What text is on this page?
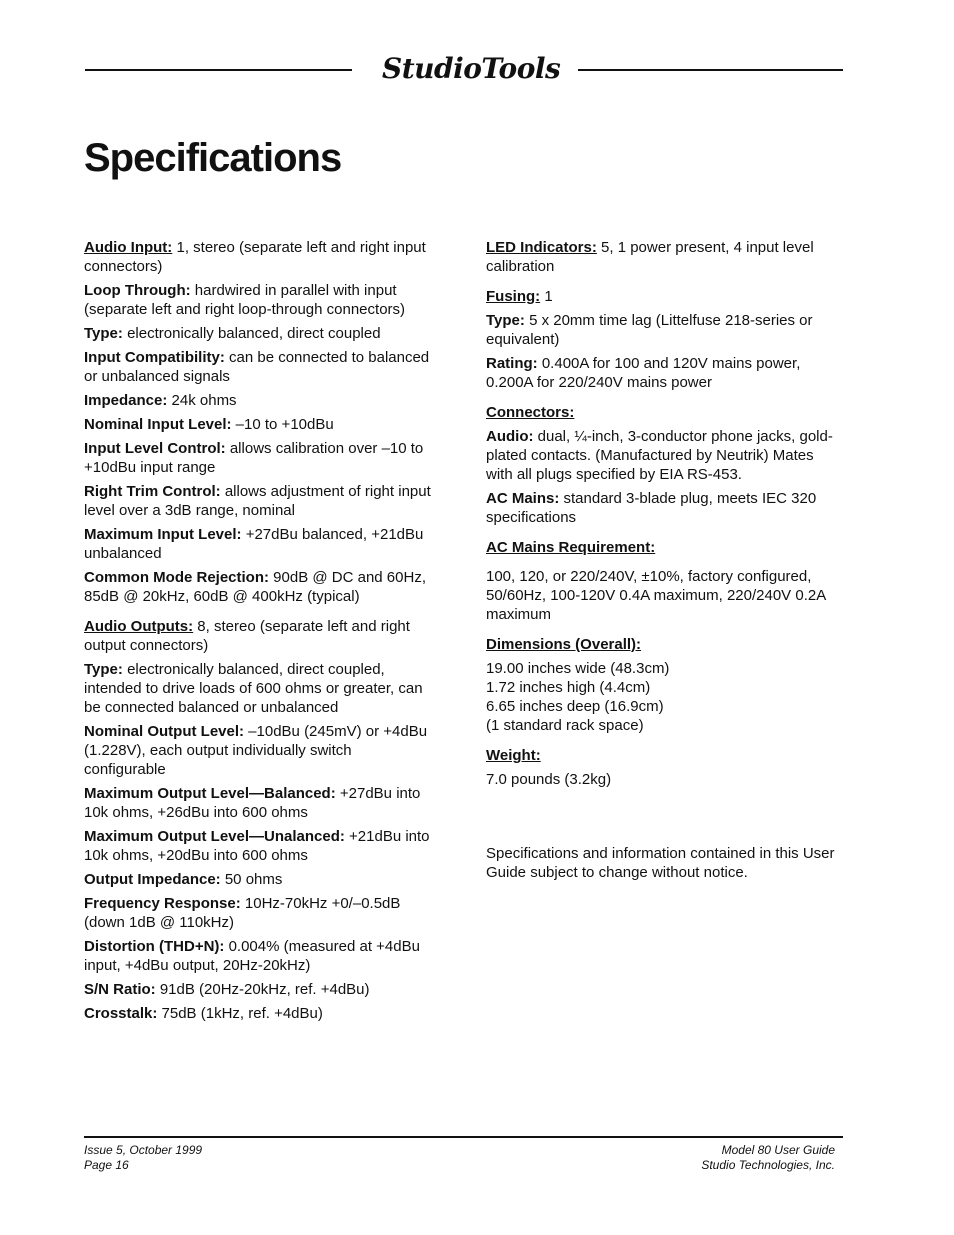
StudioTools
Specifications
Audio Input: 1, stereo (separate left and right input connectors)
Loop Through: hardwired in parallel with input (separate left and right loop-through connectors)
Type: electronically balanced, direct coupled
Input Compatibility: can be connected to balanced or unbalanced signals
Impedance: 24k ohms
Nominal Input Level: –10 to +10dBu
Input Level Control: allows calibration over –10 to +10dBu input range
Right Trim Control: allows adjustment of right input level over a 3dB range, nominal
Maximum Input Level: +27dBu balanced, +21dBu unbalanced
Common Mode Rejection: 90dB @ DC and 60Hz, 85dB @ 20kHz, 60dB @ 400kHz (typical)
Audio Outputs: 8, stereo (separate left and right output connectors)
Type: electronically balanced, direct coupled, intended to drive loads of 600 ohms or greater, can be connected balanced or unbalanced
Nominal Output Level: –10dBu (245mV) or +4dBu (1.228V), each output individually switch configurable
Maximum Output Level—Balanced: +27dBu into 10k ohms, +26dBu into 600 ohms
Maximum Output Level—Unalanced: +21dBu into 10k ohms, +20dBu into 600 ohms
Output Impedance: 50 ohms
Frequency Response: 10Hz-70kHz +0/–0.5dB (down 1dB @ 110kHz)
Distortion (THD+N): 0.004% (measured at +4dBu input, +4dBu output, 20Hz-20kHz)
S/N Ratio: 91dB (20Hz-20kHz, ref. +4dBu)
Crosstalk: 75dB (1kHz, ref. +4dBu)
LED Indicators: 5, 1 power present, 4 input level calibration
Fusing: 1
Type: 5 x 20mm time lag (Littelfuse 218-series or equivalent)
Rating: 0.400A for 100 and 120V mains power, 0.200A for 220/240V mains power
Connectors:
Audio: dual, ¼-inch, 3-conductor phone jacks, gold-plated contacts. (Manufactured by Neutrik) Mates with all plugs specified by EIA RS-453.
AC Mains: standard 3-blade plug, meets IEC 320 specifications
AC Mains Requirement:
100, 120, or 220/240V, ±10%, factory configured, 50/60Hz, 100-120V 0.4A maximum, 220/240V 0.2A maximum
Dimensions (Overall):
19.00 inches wide (48.3cm)
1.72 inches high (4.4cm)
6.65 inches deep (16.9cm)
(1 standard rack space)
Weight:
7.0 pounds (3.2kg)
Specifications and information contained in this User Guide subject to change without notice.
Issue 5, October 1999
Page 16
Model 80 User Guide
Studio Technologies, Inc.
